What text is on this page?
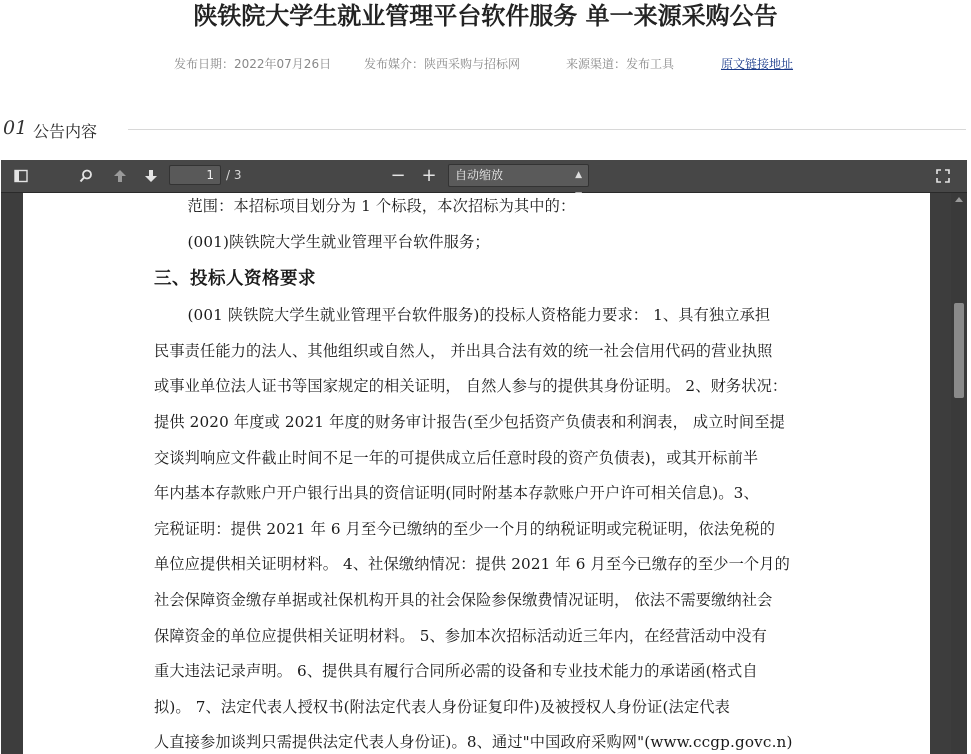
陕铁院大学生就业管理平台软件服务 单一来源采购公告
发布日期：2022年07月26日	发布媒介：陕西采购与招标网	来源渠道：发布工具	原文链接地址
01 公告内容
1	/ 3	− +	自动缩放	▲

范围：本招标项目划分为 1 个标段，本次招标为其中的：

(001)陕铁院大学生就业管理平台软件服务；

三、投标人资格要求

(001 陕铁院大学生就业管理平台软件服务)的投标人资格能力要求： 1、具有独立承担

民事责任能力的法人、其他组织或自然人， 并出具合法有效的统一社会信用代码的营业执照

或事业单位法人证书等国家规定的相关证明， 自然人参与的提供其身份证明。 2、财务状况：

提供 2020 年度或 2021 年度的财务审计报告(至少包括资产负债表和利润表， 成立时间至提

交谈判响应文件截止时间不足一年的可提供成立后任意时段的资产负债表)，或其开标前半

年内基本存款账户开户银行出具的资信证明(同时附基本存款账户开户许可相关信息)。3、

完税证明：提供 2021 年 6 月至今已缴纳的至少一个月的纳税证明或完税证明，依法免税的

单位应提供相关证明材料。 4、社保缴纳情况：提供 2021 年 6 月至今已缴存的至少一个月的

社会保障资金缴存单据或社保机构开具的社会保险参保缴费情况证明， 依法不需要缴纳社会

保障资金的单位应提供相关证明材料。 5、参加本次招标活动近三年内，在经营活动中没有

重大违法记录声明。 6、提供具有履行合同所必需的设备和专业技术能力的承诺函(格式自

拟)。 7、法定代表人授权书(附法定代表人身份证复印件)及被授权人身份证(法定代表

人直接参加谈判只需提供法定代表人身份证)。8、通过"中国政府采购网"(www.ccgp.govc.n)
